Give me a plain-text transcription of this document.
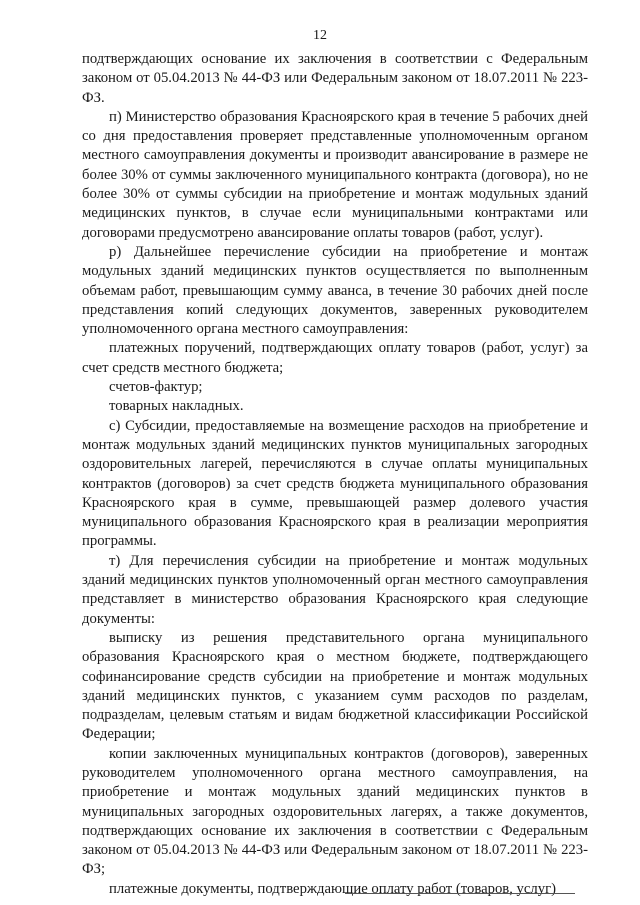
12

подтверждающих основание их заключения в соответствии с Федеральным законом от 05.04.2013 № 44-ФЗ или Федеральным законом от 18.07.2011 № 223-ФЗ.

п) Министерство образования Красноярского края в течение 5 рабочих дней со дня предоставления проверяет представленные уполномоченным органом местного самоуправления документы и производит авансирование в размере не более 30% от суммы заключенного муниципального контракта (договора), но не более 30% от суммы субсидии на приобретение и монтаж модульных зданий медицинских пунктов, в случае если муниципальными контрактами или договорами предусмотрено авансирование оплаты товаров (работ, услуг).

р) Дальнейшее перечисление субсидии на приобретение и монтаж модульных зданий медицинских пунктов осуществляется по выполненным объемам работ, превышающим сумму аванса, в течение 30 рабочих дней после представления копий следующих документов, заверенных руководителем уполномоченного органа местного самоуправления:

платежных поручений, подтверждающих оплату товаров (работ, услуг) за счет средств местного бюджета;

счетов-фактур;

товарных накладных.

с) Субсидии, предоставляемые на возмещение расходов на приобретение и монтаж модульных зданий медицинских пунктов муниципальных загородных оздоровительных лагерей, перечисляются в случае оплаты муниципальных контрактов (договоров) за счет средств бюджета муниципального образования Красноярского края в сумме, превышающей размер долевого участия муниципального образования Красноярского края в реализации мероприятия программы.

т) Для перечисления субсидии на приобретение и монтаж модульных зданий медицинских пунктов уполномоченный орган местного самоуправления представляет в министерство образования Красноярского края следующие документы:

выписку из решения представительного органа муниципального образования Красноярского края о местном бюджете, подтверждающего софинансирование средств субсидии на приобретение и монтаж модульных зданий медицинских пунктов, с указанием сумм расходов по разделам, подразделам, целевым статьям и видам бюджетной классификации Российской Федерации;

копии заключенных муниципальных контрактов (договоров), заверенных руководителем уполномоченного органа местного самоуправления, на приобретение и монтаж модульных зданий медицинских пунктов в муниципальных загородных оздоровительных лагерях, а также документов, подтверждающих основание их заключения в соответствии с Федеральным законом от 05.04.2013 № 44-ФЗ или Федеральным законом от 18.07.2011 № 223-ФЗ;

платежные документы, подтверждающие оплату работ (товаров, услуг)
